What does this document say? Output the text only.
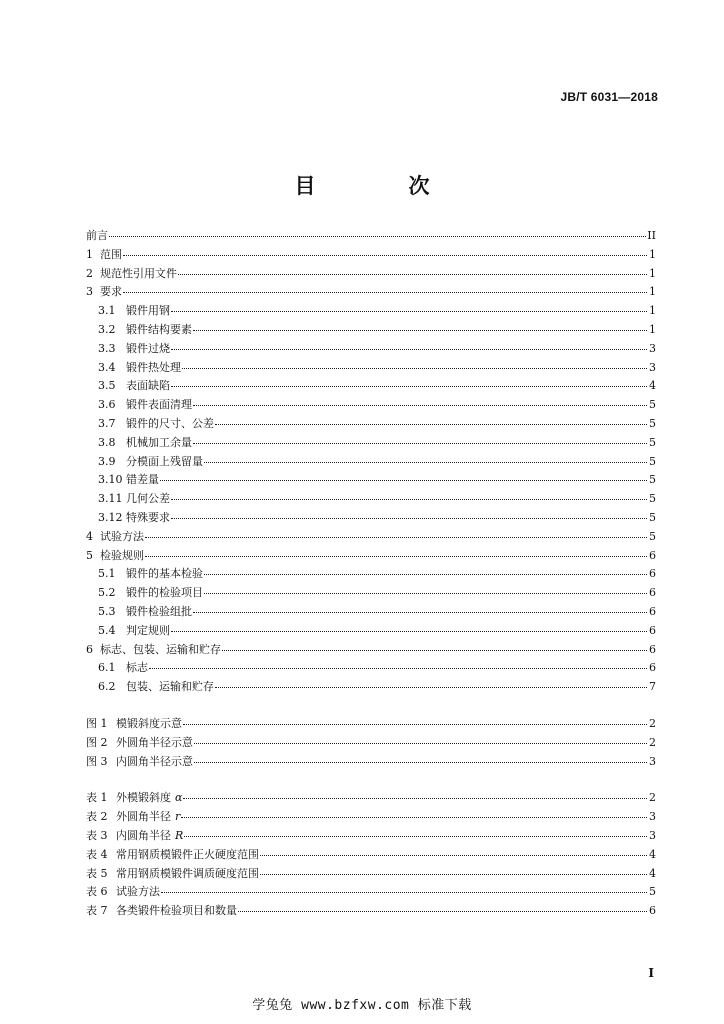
JB/T 6031—2018
目　次
前言	II
1 范围	1
2 规范性引用文件	1
3 要求	1
3.1 锻件用钢	1
3.2 锻件结构要素	1
3.3 锻件过烧	3
3.4 锻件热处理	3
3.5 表面缺陷	4
3.6 锻件表面清理	5
3.7 锻件的尺寸、公差	5
3.8 机械加工余量	5
3.9 分模面上残留量	5
3.10 错差量	5
3.11 几何公差	5
3.12 特殊要求	5
4 试验方法	5
5 检验规则	6
5.1 锻件的基本检验	6
5.2 锻件的检验项目	6
5.3 锻件检验组批	6
5.4 判定规则	6
6 标志、包装、运输和贮存	6
6.1 标志	6
6.2 包装、运输和贮存	7
图 1 模锻斜度示意	2
图 2 外圆角半径示意	2
图 3 内圆角半径示意	3
表 1 外模锻斜度 α	2
表 2 外圆角半径 r	3
表 3 内圆角半径 R	3
表 4 常用钢质模锻件正火硬度范围	4
表 5 常用钢质模锻件调质硬度范围	4
表 6 试验方法	5
表 7 各类锻件检验项目和数量	6
I
学兔兔 www.bzfxw.com 标准下载
